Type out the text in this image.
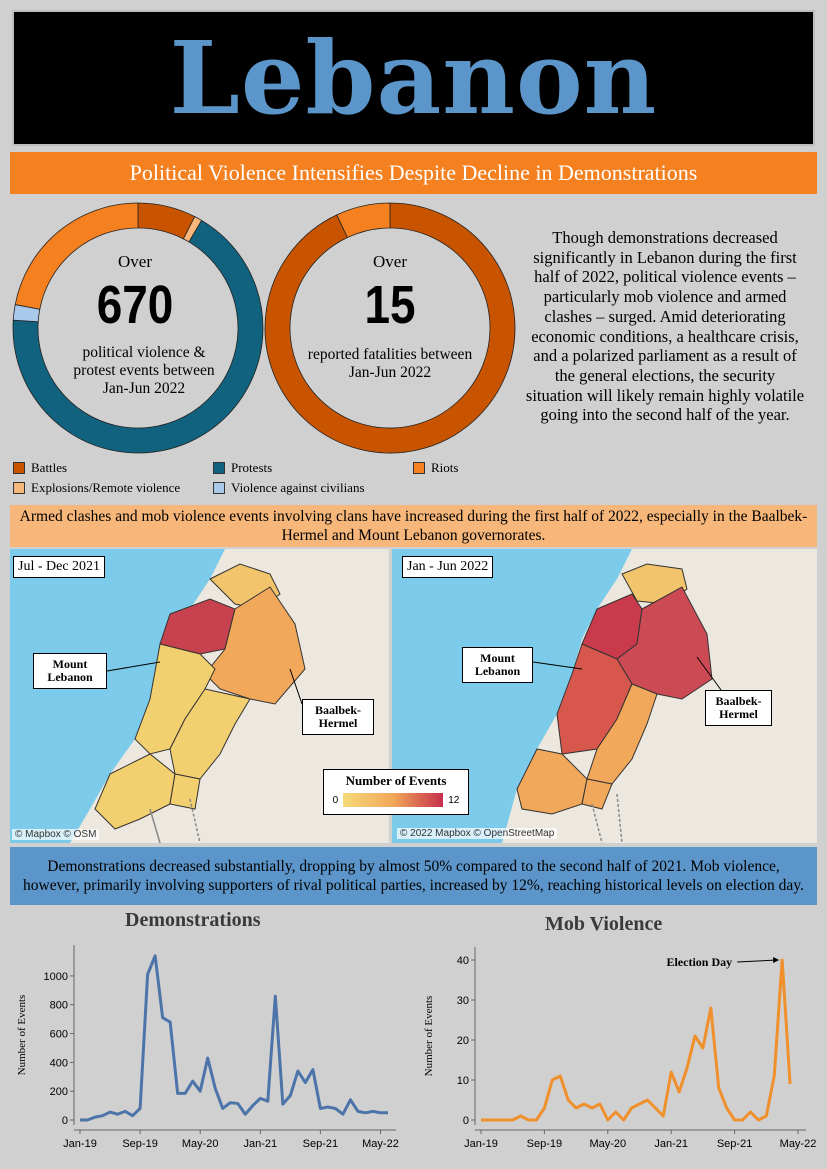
Lebanon
Political Violence Intensifies Despite Decline in Demonstrations
Over
670
political violence & protest events between Jan-Jun 2022
Over
15
reported fatalities between Jan-Jun 2022
Though demonstrations decreased significantly in Lebanon during the first half of 2022, political violence events – particularly mob violence and armed clashes – surged. Amid deteriorating economic conditions, a healthcare crisis, and a polarized parliament as a result of the general elections, the security situation will likely remain highly volatile going into the second half of the year.
Battles	Protests	Riots
Explosions/Remote violence	Violence against civilians
Armed clashes and mob violence events involving clans have increased during the first half of 2022, especially in the Baalbek-Hermel and Mount Lebanon governorates.
Jul - Dec 2021
Mount Lebanon
Baalbek-Hermel
© Mapbox © OSM
Jan - Jun 2022
Mount Lebanon
Baalbek-Hermel
© 2022 Mapbox © OpenStreetMap
Number of Events
0	12
Demonstrations decreased substantially, dropping by almost 50% compared to the second half of 2021. Mob violence, however, primarily involving supporters of rival political parties, increased by 12%, reaching historical levels on election day.
Demonstrations	Mob Violence
0
200
400
600
800
1000
Jan-19 Sep-19 May-20 Jan-21 Sep-21 May-22
Number of Events
0
10
20
30
40
Jan-19	Sep-19 May-20	Jan-21	Sep-21 May-22
Number of Events
Election Day
